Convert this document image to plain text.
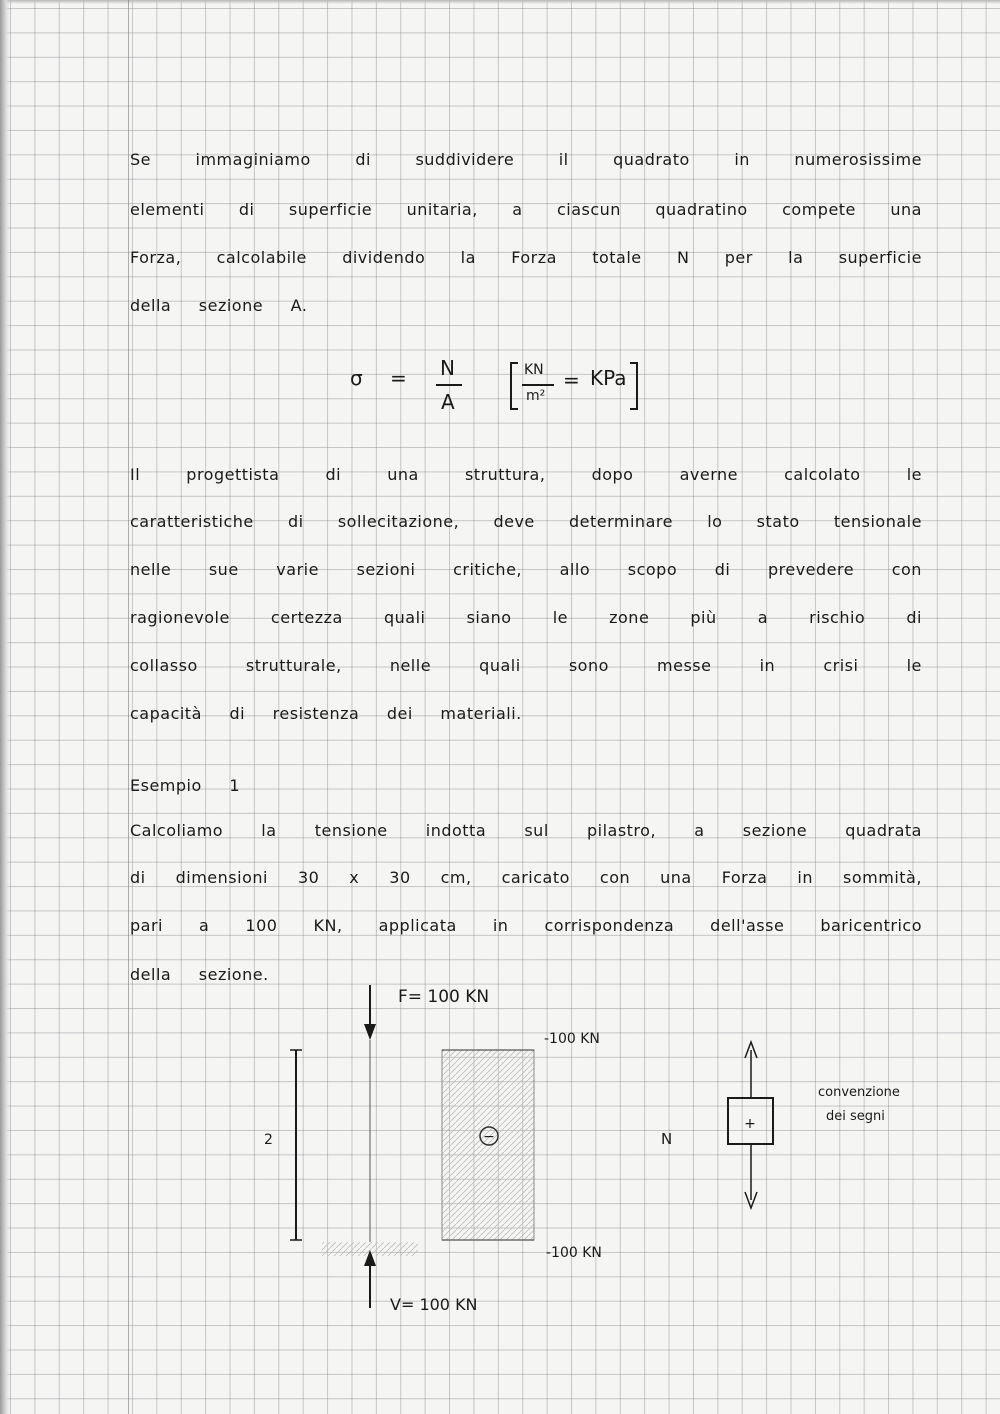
Se	immaginiamo	di	suddividere	il	quadrato	in	numerosissime
elementi di superficie unitaria, a ciascun quadratino compete una
Forza, calcolabile dividendo la Forza totale N per la superficie
della sezione A.
σ = N
A
KN
m²
= KPa
Il	progettista	di	una	struttura,	dopo	averne	calcolato	le
caratteristiche di sollecitazione, deve determinare lo stato tensionale
nelle sue varie sezioni critiche, allo scopo di prevedere con
ragionevole	certezza	quali	siano	le	zone	più	a	rischio	di
collasso	strutturale,	nelle	quali	sono	messe	in	crisi	le
capacità di resistenza dei materiali.
Esempio 1
Calcoliamo la tensione indotta sul pilastro, a sezione quadrata
di dimensioni 30 x 30 cm, caricato con una Forza in sommità,
pari a 100 KN, applicata in corrispondenza dell'asse baricentrico
della sezione.
F= 100 KN
2
V= 100 KN
−
-100 KN
-100 KN
N
+
convenzione
dei segni
